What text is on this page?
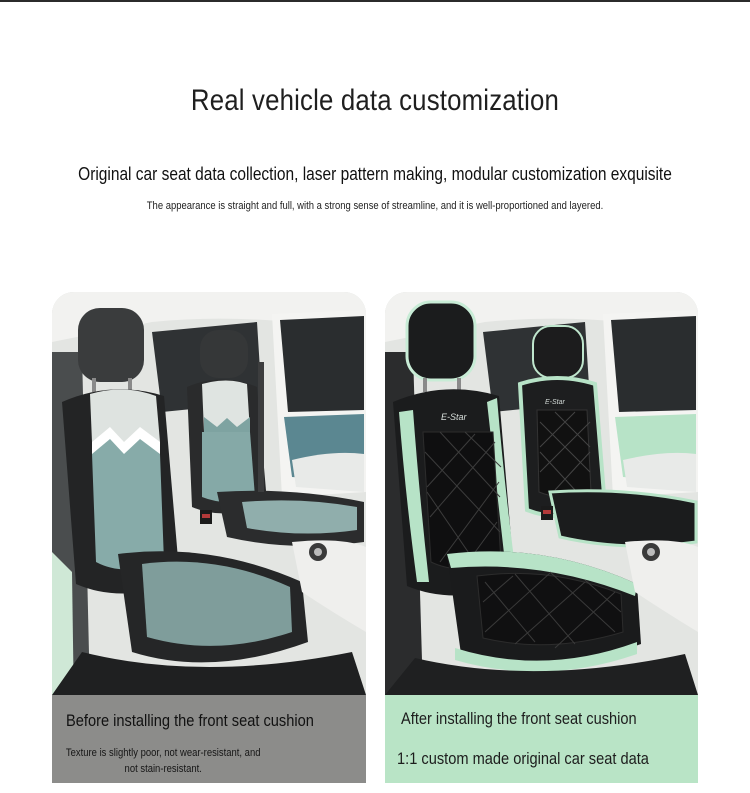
Real vehicle data customization
Original car seat data collection, laser pattern making, modular customization exquisite
The appearance is straight and full, with a strong sense of streamline, and it is well-proportioned and layered.
Before installing the front seat cushion
Texture is slightly poor, not wear-resistant, and not stain-resistant.
E-Star
E-Star
After installing the front seat cushion
1:1 custom made original car seat data
